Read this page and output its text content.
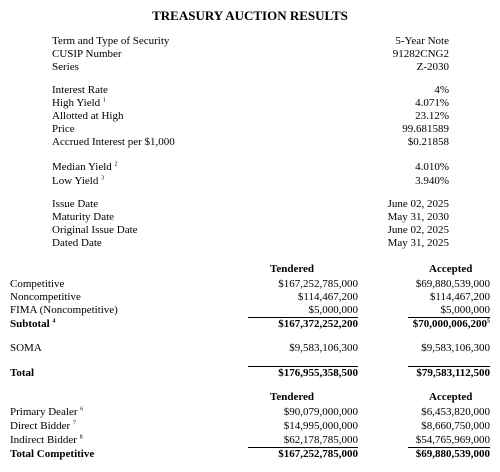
TREASURY AUCTION RESULTS
Term and Type of Security	5-Year Note
CUSIP Number	91282CNG2
Series	Z-2030
Interest Rate	4%
High Yield $^1$	4.071%
Allotted at High	23.12%
Price	99.681589
Accrued Interest per $1,000	$0.21858
Median Yield $^2$	4.010%
Low Yield $^3$	3.940%
Issue Date	June 02, 2025
Maturity Date	May 31, 2030
Original Issue Date	June 02, 2025
Dated Date	May 31, 2025
Tendered	Accepted
Competitive	$167,252,785,000	$69,880,539,000
Noncompetitive	$114,467,200	$114,467,200
FIMA (Noncompetitive)	$5,000,000	$5,000,000
Subtotal $^4$	$167,372,252,200	$70,000,006,200$^5$
SOMA	$9,583,106,300	$9,583,106,300
Total	$176,955,358,500	$79,583,112,500
Tendered	Accepted
Primary Dealer $^6$	$90,079,000,000	$6,453,820,000
Direct Bidder $^7$	$14,995,000,000	$8,660,750,000
Indirect Bidder $^8$	$62,178,785,000	$54,765,969,000
Total Competitive	$167,252,785,000	$69,880,539,000
